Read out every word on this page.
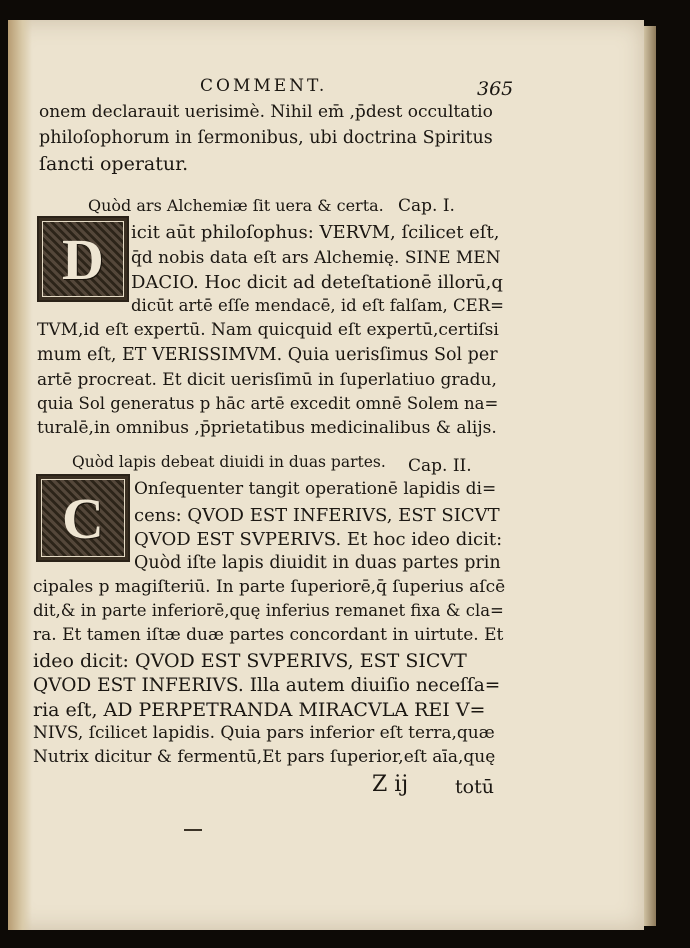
COMMENT.	365
onem declarauit uerisimè. Nihil em̄ ,p̄dest occultatio
philoſophorum in ſermonibus, ubi doctrina Spiritus
ſancti operatur.
Quòd ars Alchemiæ ſit uera & certa. Cap. I.
D	icit aūt philoſophus: VERVM, ſcilicet eſt,
q̄d nobis data eſt ars Alchemię. SINE MEN
DACIO. Hoc dicit ad deteſtationē illorū,q
dicūt artē eſſe mendacē, id eſt falſam, CER=
TVM,id eſt expertū. Nam quicquid eſt expertū,certiſsi
mum eſt, ET VERISSIMVM. Quia uerisſimus Sol per
artē procreat. Et dicit uerisſimū in ſuperlatiuo gradu,
quia Sol generatus p hāc artē excedit omnē Solem na=
turalē,in omnibus ,p̄prietatibus medicinalibus & alijs.
Quòd lapis debeat diuidi in duas partes. Cap. II.
C	Onſequenter tangit operationē lapidis di=
cens: QVOD EST INFERIVS, EST SICVT
QVOD EST SVPERIVS. Et hoc ideo dicit:
Quòd iſte lapis diuidit in duas partes prin
cipales p magiſteriū. In parte ſuperiorē,q̄ ſuperius aſcē
dit,& in parte inferiorē,quę inferius remanet fixa & cla=
ra. Et tamen iſtæ duæ partes concordant in uirtute. Et
ideo dicit: QVOD EST SVPERIVS, EST SICVT
QVOD EST INFERIVS. Illa autem diuiſio neceſſa=
ria eſt, AD PERPETRANDA MIRACVLA REI V=
NIVS, ſcilicet lapidis. Quia pars inferior eſt terra,quæ
Nutrix dicitur & fermentū,Et pars ſuperior,eſt aīa,quę
Z ij totū
